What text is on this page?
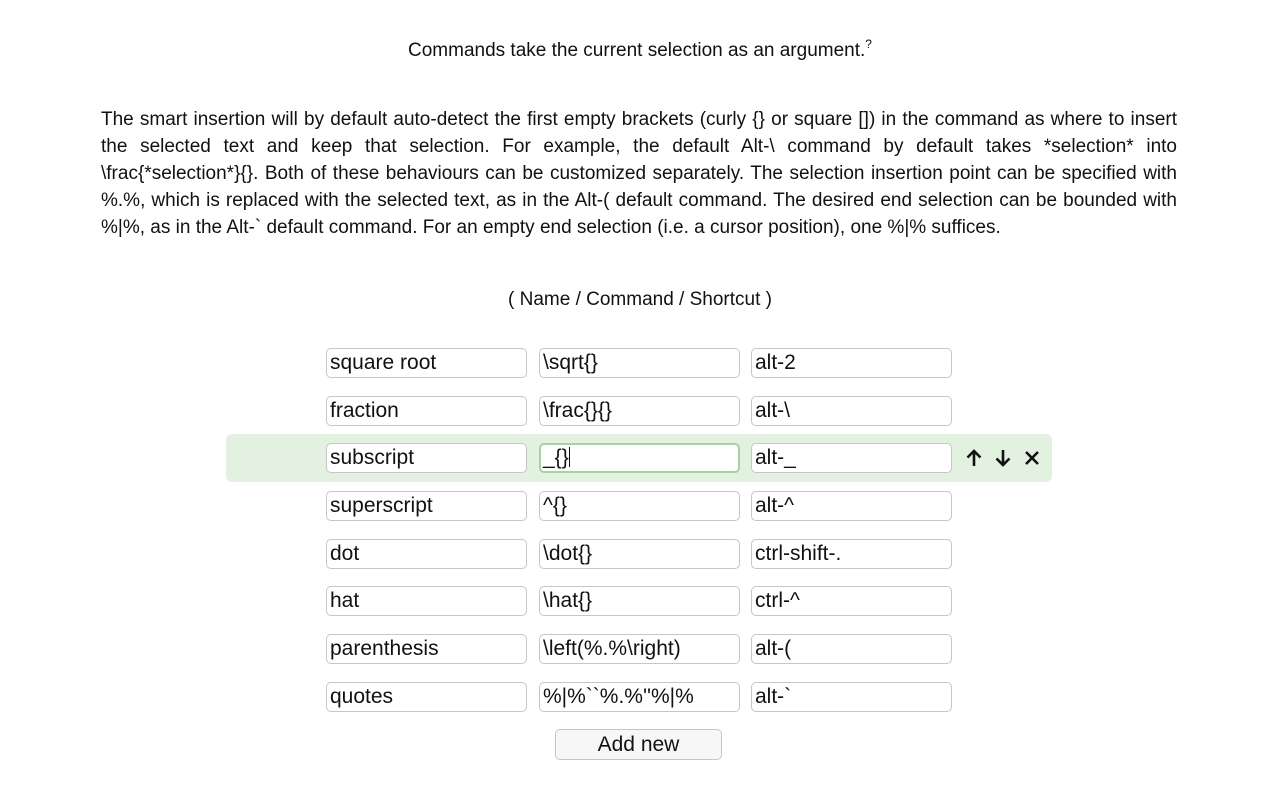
Commands take the current selection as an argument.?
The smart insertion will by default auto-detect the first empty brackets (curly {} or square []) in the command as where to insert the selected text and keep that selection. For example, the default Alt-\ command by default takes *selection* into \frac{*selection*}{}. Both of these behaviours can be customized separately. The selection insertion point can be specified with %.%, which is replaced with the selected text, as in the Alt-( default command. The desired end selection can be bounded with %|%, as in the Alt-` default command. For an empty end selection (i.e. a cursor position), one %|% suffices.
( Name / Command / Shortcut )
square root	\sqrt{}	alt-2
fraction	\frac{}{}	alt-\
subscript	_{}	alt-_
superscript	^{}	alt-^
dot	\dot{}	ctrl-shift-.
hat	\hat{}	ctrl-^
parenthesis	\left(%.%\right)	alt-(
quotes	%|%``%.%''%|%	alt-`
Add new
